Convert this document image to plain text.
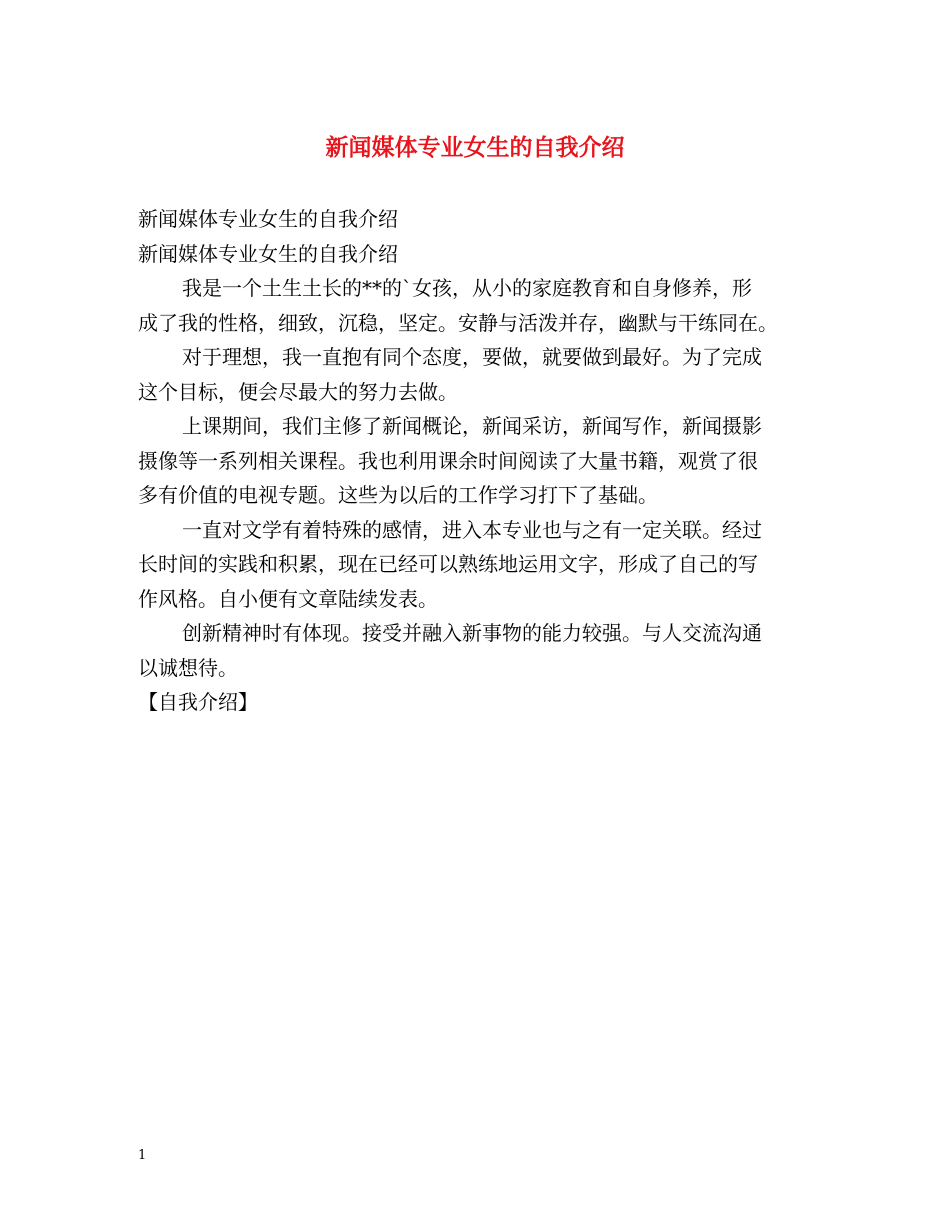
新闻媒体专业女生的自我介绍
新闻媒体专业女生的自我介绍
新闻媒体专业女生的自我介绍
我是一个土生土长的**的`女孩，从小的家庭教育和自身修养，形
成了我的性格，细致，沉稳，坚定。安静与活泼并存，幽默与干练同在。
对于理想，我一直抱有同个态度，要做，就要做到最好。为了完成
这个目标，便会尽最大的努力去做。
上课期间，我们主修了新闻概论，新闻采访，新闻写作，新闻摄影
摄像等一系列相关课程。我也利用课余时间阅读了大量书籍，观赏了很
多有价值的电视专题。这些为以后的工作学习打下了基础。
一直对文学有着特殊的感情，进入本专业也与之有一定关联。经过
长时间的实践和积累，现在已经可以熟练地运用文字，形成了自己的写
作风格。自小便有文章陆续发表。
创新精神时有体现。接受并融入新事物的能力较强。与人交流沟通
以诚想待。
【自我介绍】
1
